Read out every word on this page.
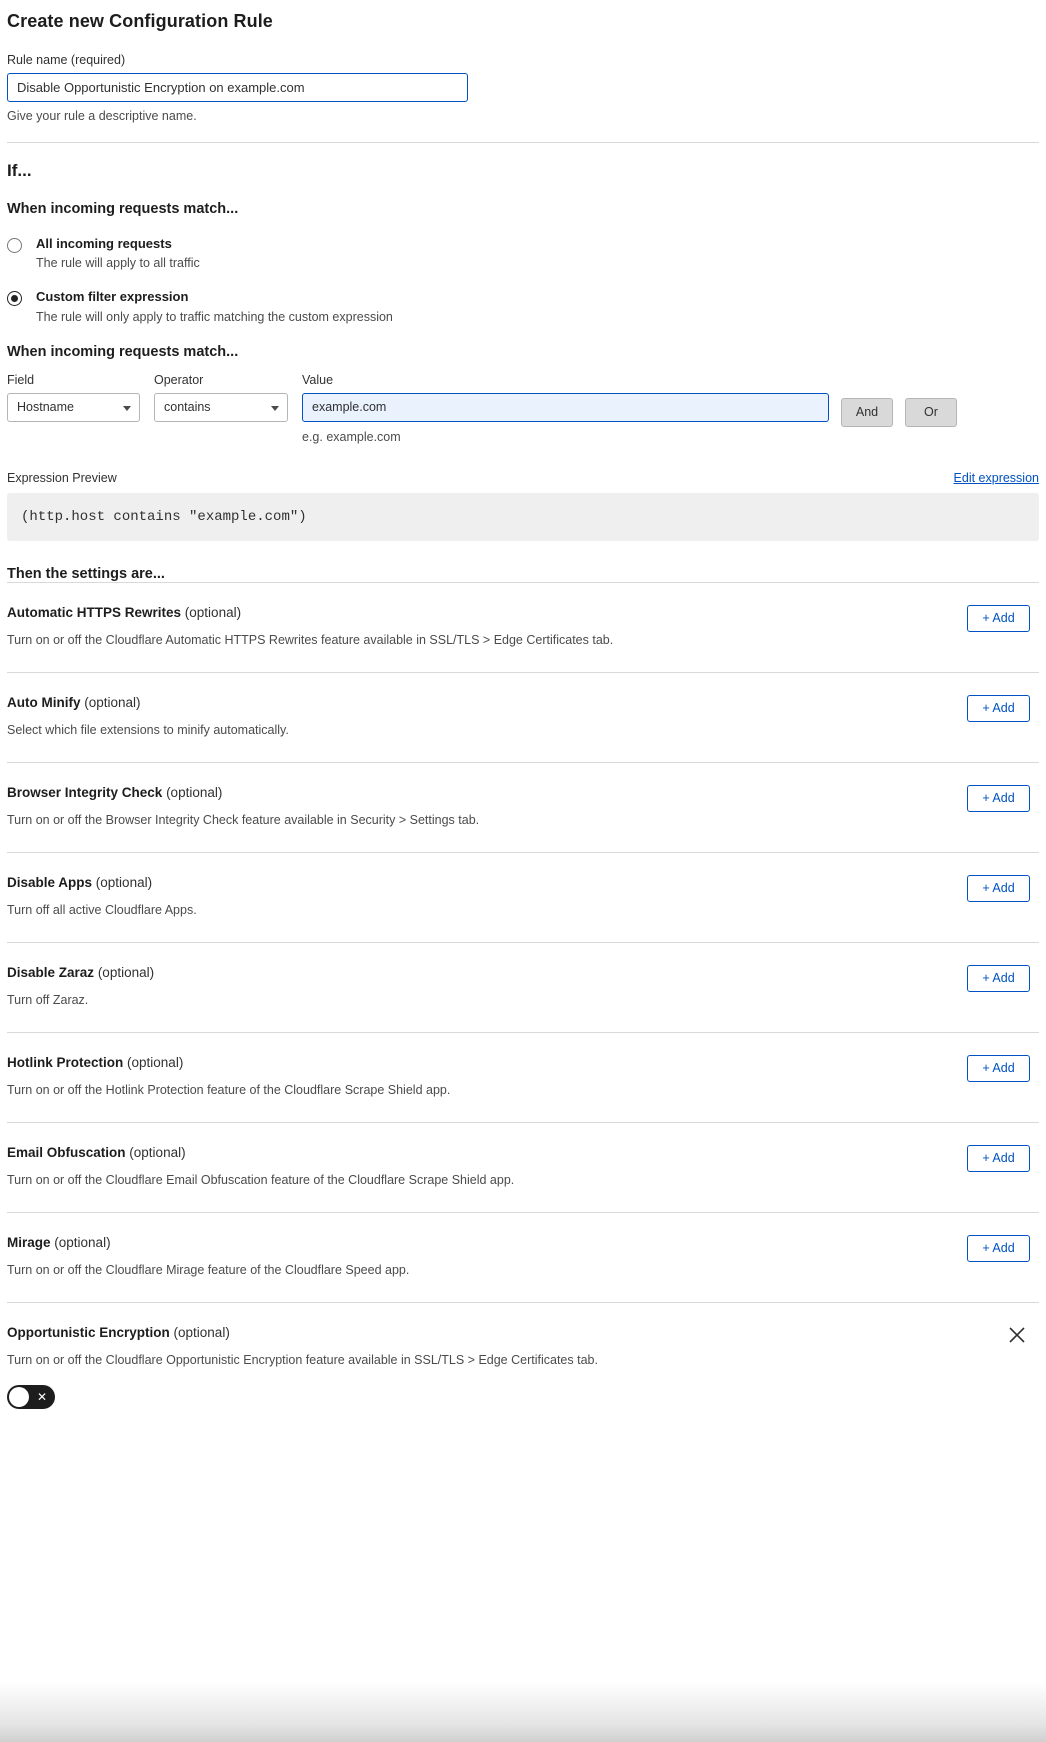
Create new Configuration Rule
Rule name (required)
Disable Opportunistic Encryption on example.com
Give your rule a descriptive name.
If...
When incoming requests match...
All incoming requests
The rule will apply to all traffic
Custom filter expression
The rule will only apply to traffic matching the custom expression
When incoming requests match...
Field
Hostname
Operator
contains
Value
example.com
e.g. example.com
And	Or
Expression Preview	Edit expression
(http.host contains "example.com")
Then the settings are...
Automatic HTTPS Rewrites (optional)
Turn on or off the Cloudflare Automatic HTTPS Rewrites feature available in SSL/TLS > Edge Certificates tab.
+ Add
Auto Minify (optional)
Select which file extensions to minify automatically.
+ Add
Browser Integrity Check (optional)
Turn on or off the Browser Integrity Check feature available in Security > Settings tab.
+ Add
Disable Apps (optional)
Turn off all active Cloudflare Apps.
+ Add
Disable Zaraz (optional)
Turn off Zaraz.
+ Add
Hotlink Protection (optional)
Turn on or off the Hotlink Protection feature of the Cloudflare Scrape Shield app.
+ Add
Email Obfuscation (optional)
Turn on or off the Cloudflare Email Obfuscation feature of the Cloudflare Scrape Shield app.
+ Add
Mirage (optional)
Turn on or off the Cloudflare Mirage feature of the Cloudflare Speed app.
+ Add
Opportunistic Encryption (optional)
Turn on or off the Cloudflare Opportunistic Encryption feature available in SSL/TLS > Edge Certificates tab.
✕
